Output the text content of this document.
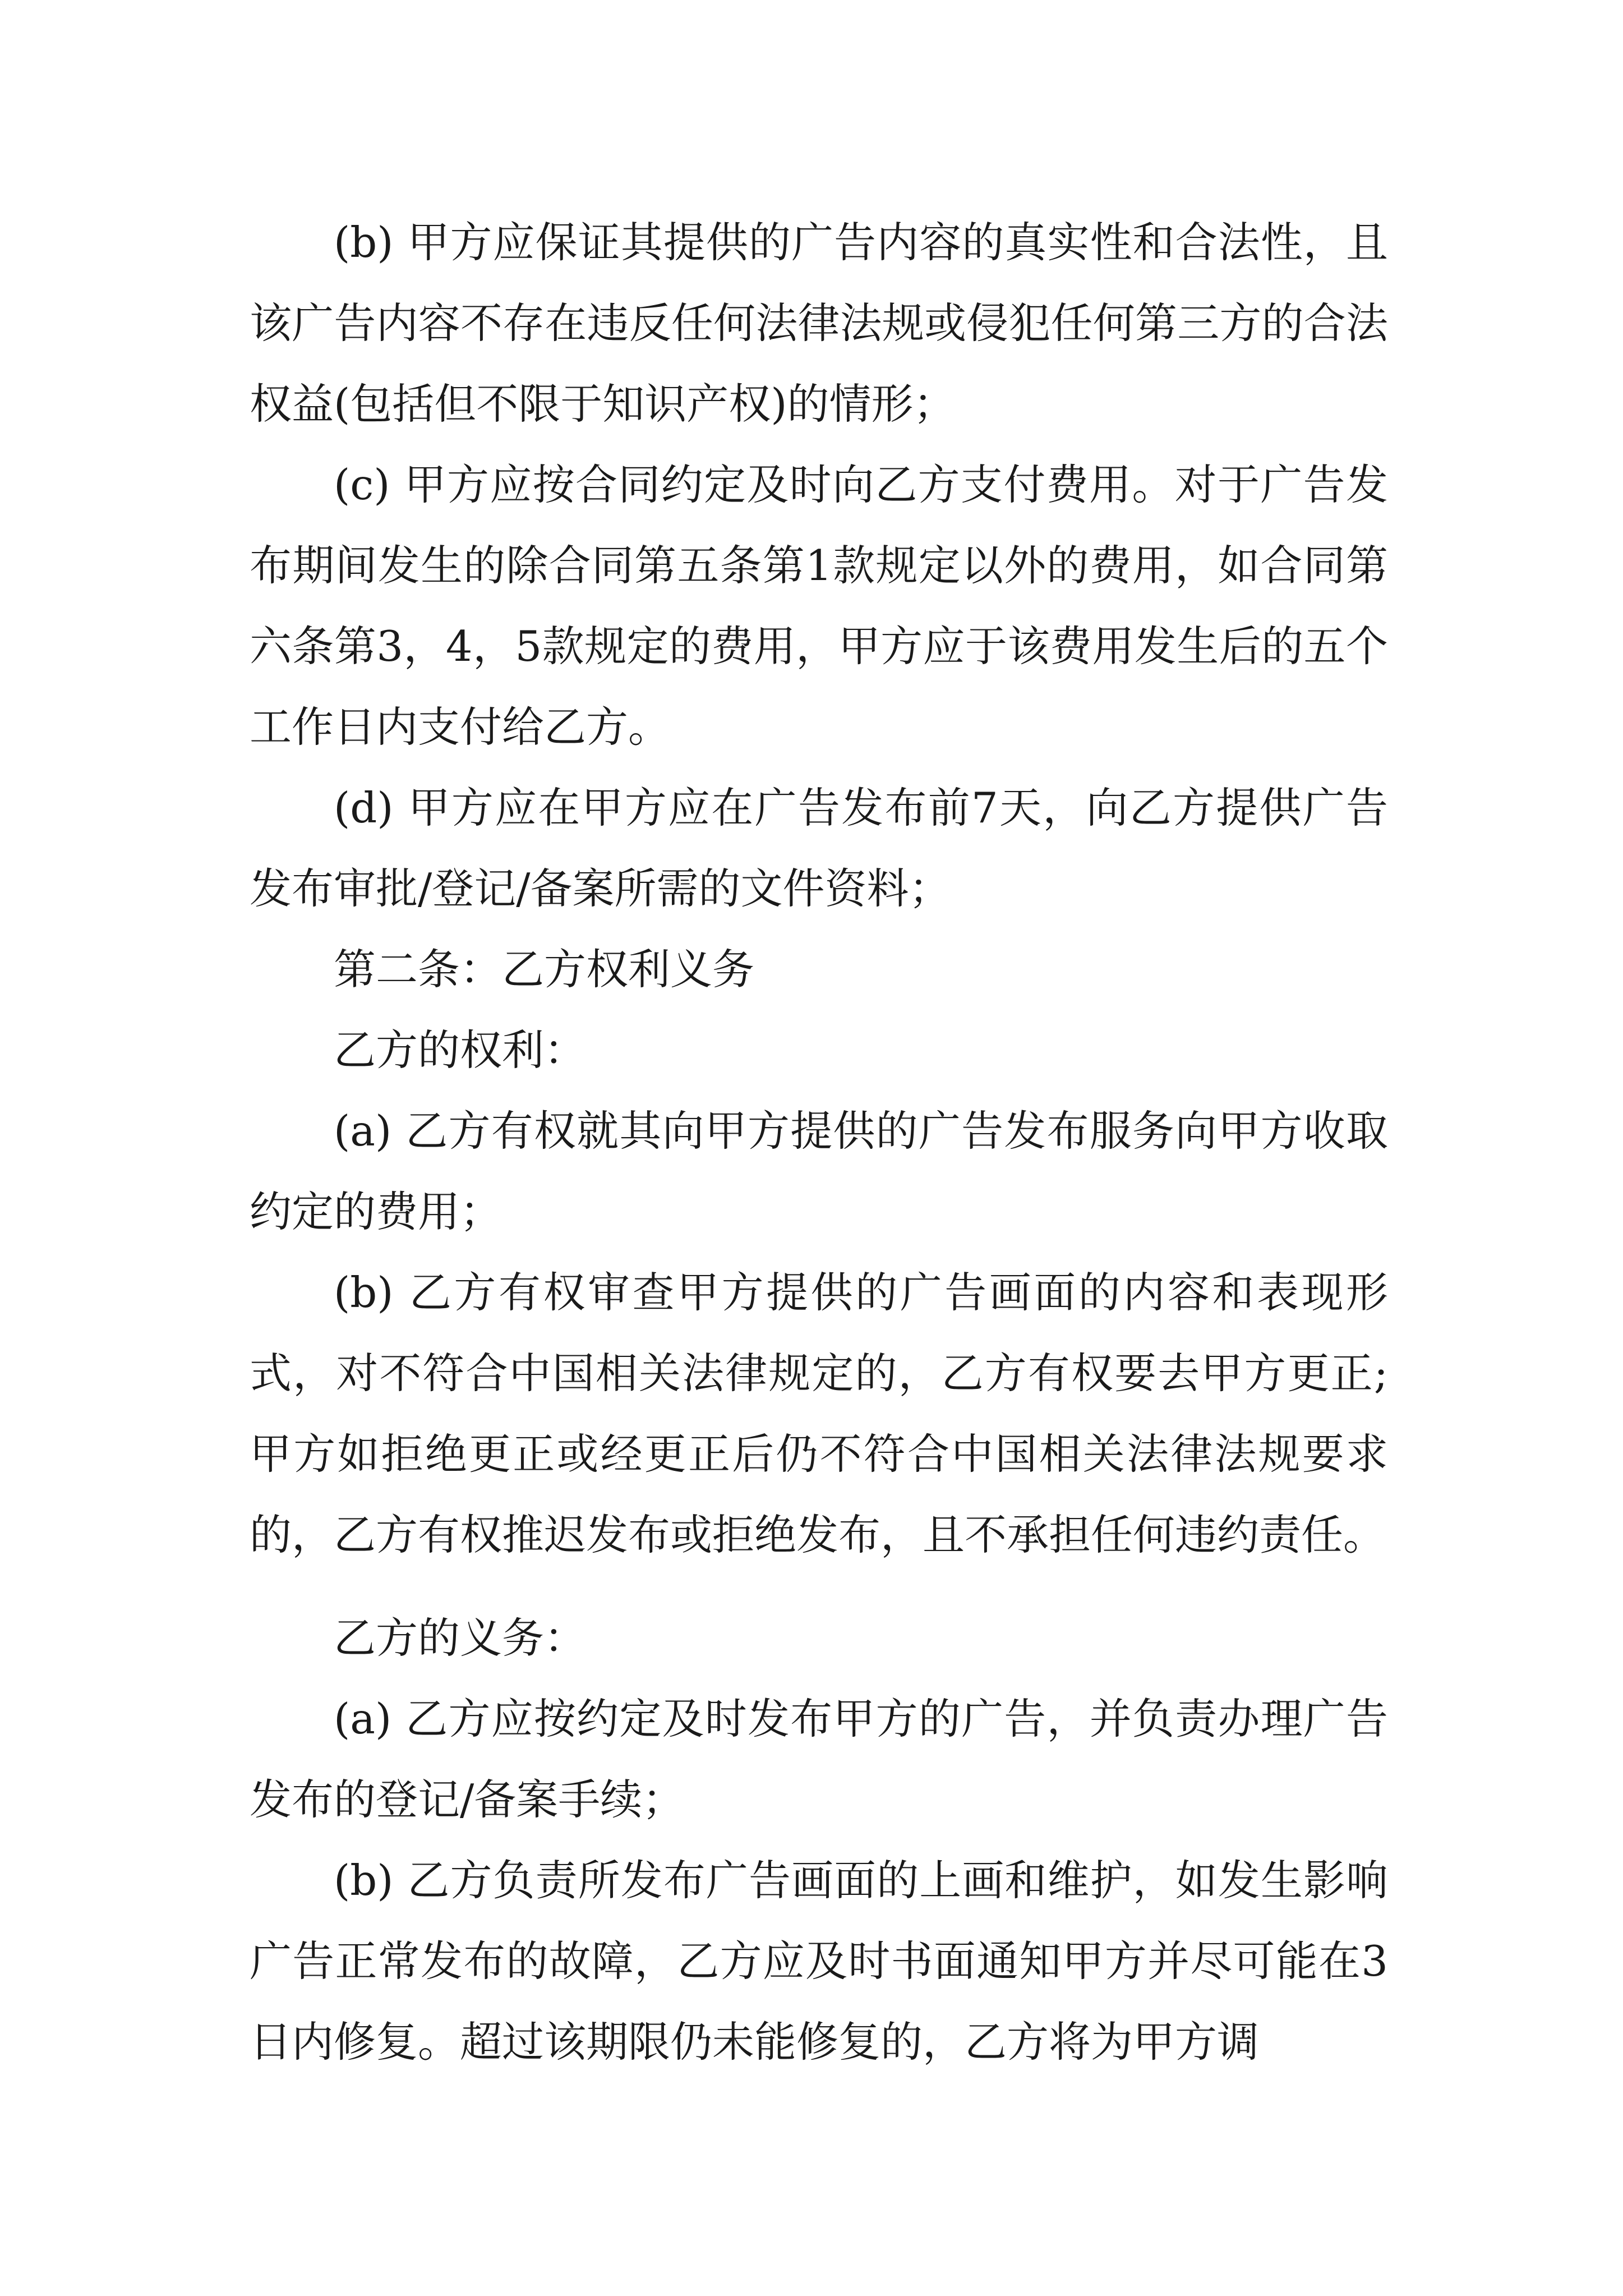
(b) 甲方应保证其提供的广告内容的真实性和合法性，且该广告内容不存在违反任何法律法规或侵犯任何第三方的合法权益(包括但不限于知识产权)的情形；

(c) 甲方应按合同约定及时向乙方支付费用。对于广告发布期间发生的除合同第五条第1款规定以外的费用，如合同第六条第3，4，5款规定的费用，甲方应于该费用发生后的五个工作日内支付给乙方。

(d) 甲方应在甲方应在广告发布前7天，向乙方提供广告发布审批/登记/备案所需的文件资料；

第二条：乙方权利义务

乙方的权利：

(a) 乙方有权就其向甲方提供的广告发布服务向甲方收取约定的费用；

(b) 乙方有权审查甲方提供的广告画面的内容和表现形式，对不符合中国相关法律规定的，乙方有权要去甲方更正;甲方如拒绝更正或经更正后仍不符合中国相关法律法规要求的，乙方有权推迟发布或拒绝发布，且不承担任何违约责任。

乙方的义务：

(a) 乙方应按约定及时发布甲方的广告，并负责办理广告发布的登记/备案手续；

(b) 乙方负责所发布广告画面的上画和维护，如发生影响广告正常发布的故障，乙方应及时书面通知甲方并尽可能在3日内修复。超过该期限仍未能修复的，乙方将为甲方调
